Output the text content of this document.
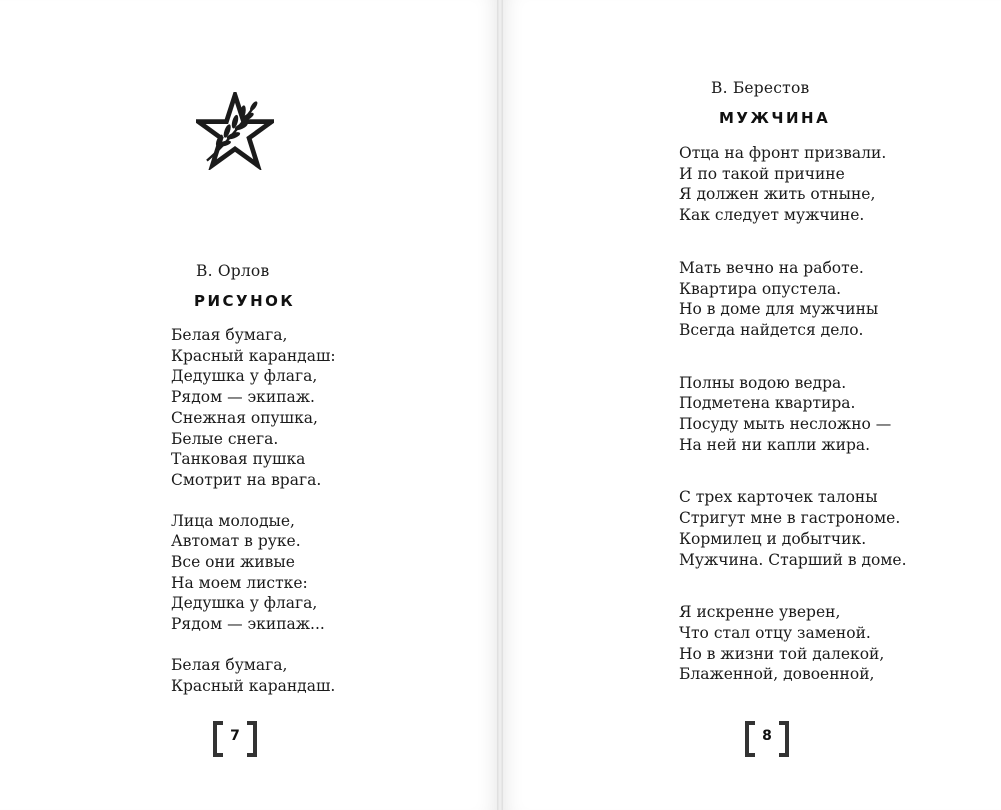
В. Орлов
РИСУНОК
Белая бумага,
Красный карандаш:
Дедушка у флага,
Рядом — экипаж.
Снежная опушка,
Белые снега.
Танковая пушка
Смотрит на врага.
Лица молодые,
Автомат в руке.
Все они живые
На моем листке:
Дедушка у флага,
Рядом — экипаж...
Белая бумага,
Красный карандаш.
7
В. Берестов
МУЖЧИНА
Отца на фронт призвали.
И по такой причине
Я должен жить отныне,
Как следует мужчине.
Мать вечно на работе.
Квартира опустела.
Но в доме для мужчины
Всегда найдется дело.
Полны водою ведра.
Подметена квартира.
Посуду мыть несложно —
На ней ни капли жира.
С трех карточек талоны
Стригут мне в гастрономе.
Кормилец и добытчик.
Мужчина. Старший в доме.
Я искренне уверен,
Что стал отцу заменой.
Но в жизни той далекой,
Блаженной, довоенной,
8
